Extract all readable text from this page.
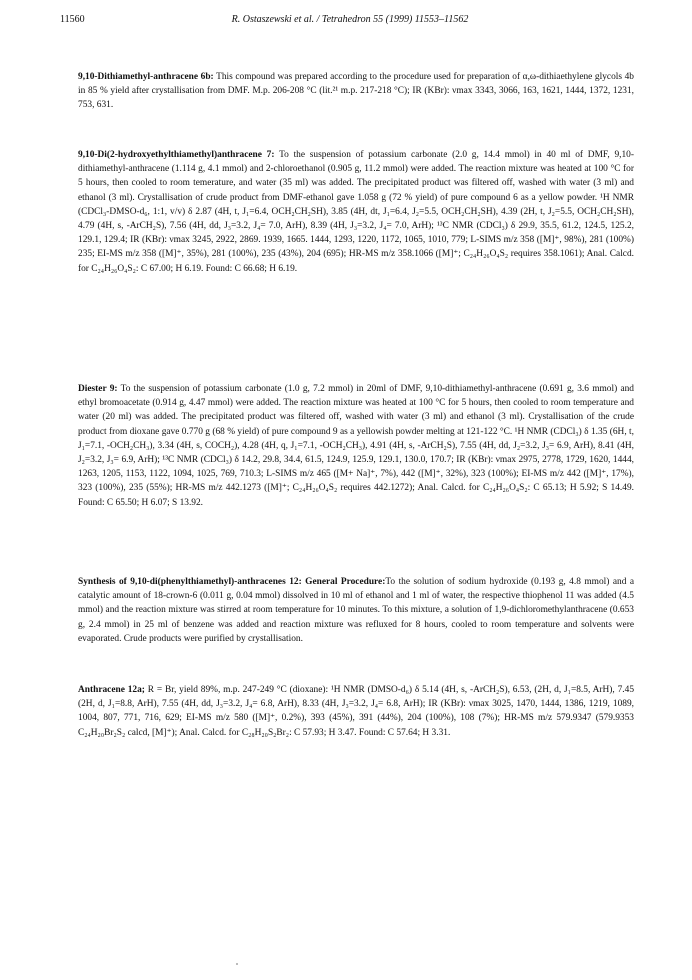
11560	R. Ostaszewski et al. / Tetrahedron 55 (1999) 11553–11562

9,10-Dithiamethyl-anthracene 6b: This compound was prepared according to the procedure used for preparation of α,ω-dithiaethylene glycols 4b in 85 % yield after crystallisation from DMF. M.p. 206-208 °C (lit.²¹ m.p. 217-218 °C); IR (KBr): νmax 3343, 3066, 163, 1621, 1444, 1372, 1231, 753, 631.

9,10-Di(2-hydroxyethylthiamethyl)anthracene 7: To the suspension of potassium carbonate (2.0 g, 14.4 mmol) in 40 ml of DMF, 9,10-dithiamethyl-anthracene (1.114 g, 4.1 mmol) and 2-chloroethanol (0.905 g, 11.2 mmol) were added. The reaction mixture was heated at 100 °C for 5 hours, then cooled to room temerature, and water (35 ml) was added. The precipitated product was filtered off, washed with water (3 ml) and ethanol (3 ml). Crystallisation of crude product from DMF-ethanol gave 1.058 g (72 % yield) of pure compound 6 as a yellow powder. ¹H NMR (CDCl₃-DMSO-d₆, 1:1, v/v) δ 2.87 (4H, t, J₁=6.4, OCH₂CH₂SH), 3.85 (4H, dt, J₁=6.4, J₂=5.5, OCH₂CH₂SH), 4.39 (2H, t, J₂=5.5, OCH₂CH₂SH), 4.79 (4H, s, -ArCH₂S), 7.56 (4H, dd, J₃=3.2, J₄= 7.0, ArH), 8.39 (4H, J₃=3.2, J₄= 7.0, ArH); ¹³C NMR (CDCl₃) δ 29.9, 35.5, 61.2, 124.5, 125.2, 129.1, 129.4; IR (KBr): νmax 3245, 2922, 2869. 1939, 1665. 1444, 1293, 1220, 1172, 1065, 1010, 779; L-SIMS m/z 358 ([M]⁺, 98%), 281 (100%) 235; EI-MS m/z 358 ([M]⁺, 35%), 281 (100%), 235 (43%), 204 (695); HR-MS m/z 358.1066 ([M]⁺; C₂₄H₂₆O₄S₂ requires 358.1061); Anal. Calcd. for C₂₄H₂₆O₄S₂: C 67.00; H 6.19. Found: C 66.68; H 6.19.

Diester 9: To the suspension of potassium carbonate (1.0 g, 7.2 mmol) in 20ml of DMF, 9,10-dithiamethyl-anthracene (0.691 g, 3.6 mmol) and ethyl bromoacetate (0.914 g, 4.47 mmol) were added. The reaction mixture was heated at 100 °C for 5 hours, then cooled to room temperature and water (20 ml) was added. The precipitated product was filtered off, washed with water (3 ml) and ethanol (3 ml). Crystallisation of the crude product from dioxane gave 0.770 g (68 % yield) of pure compound 9 as a yellowish powder melting at 121-122 °C. ¹H NMR (CDCl₃) δ 1.35 (6H, t, J₁=7.1, -OCH₂CH₃), 3.34 (4H, s, COCH₂), 4.28 (4H, q, J₁=7.1, -OCH₂CH₃), 4.91 (4H, s, -ArCH₂S), 7.55 (4H, dd, J₂=3.2, J₃= 6.9, ArH), 8.41 (4H, J₂=3.2, J₃= 6.9, ArH); ¹³C NMR (CDCl₃) δ 14.2, 29.8, 34.4, 61.5, 124.9, 125.9, 129.1, 130.0, 170.7; IR (KBr): νmax 2975, 2778, 1729, 1620, 1444, 1263, 1205, 1153, 1122, 1094, 1025, 769, 710.3; L-SIMS m/z 465 ([M+ Na]⁺, 7%), 442 ([M]⁺, 32%), 323 (100%); EI-MS m/z 442 ([M]⁺, 17%), 323 (100%), 235 (55%); HR-MS m/z 442.1273 ([M]⁺; C₂₄H₂₆O₄S₂ requires 442.1272); Anal. Calcd. for C₂₄H₂₆O₄S₂: C 65.13; H 5.92; S 14.49. Found: C 65.50; H 6.07; S 13.92.

Synthesis of 9,10-di(phenylthiamethyl)-anthracenes 12: General Procedure:To the solution of sodium hydroxide (0.193 g, 4.8 mmol) and a catalytic amount of 18-crown-6 (0.011 g, 0.04 mmol) dissolved in 10 ml of ethanol and 1 ml of water, the respective thiophenol 11 was added (4.5 mmol) and the reaction mixture was stirred at room temperature for 10 minutes. To this mixture, a solution of 1,9-dichloromethylanthracene (0.653 g, 2.4 mmol) in 25 ml of benzene was added and reaction mixture was refluxed for 8 hours, cooled to room temperature and solvents were evaporated. Crude products were purified by crystallisation.

Anthracene 12a; R = Br, yield 89%, m.p. 247-249 °C (dioxane): ¹H NMR (DMSO-d₆) δ 5.14 (4H, s, -ArCH₂S), 6.53, (2H, d, J₁=8.5, ArH), 7.45 (2H, d, J₁=8.8, ArH), 7.55 (4H, dd, J₃=3.2, J₄= 6.8, ArH), 8.33 (4H, J₃=3.2, J₄= 6.8, ArH); IR (KBr): νmax 3025, 1470, 1444, 1386, 1219, 1089, 1004, 807, 771, 716, 629; EI-MS m/z 580 ([M]⁺, 0.2%), 393 (45%), 391 (44%), 204 (100%), 108 (7%); HR-MS m/z 579.9347 (579.9353 C₂₄H₂₀Br₂S₂ calcd, [M]⁺); Anal. Calcd. for C₂₈H₂₀S₂Br₂: C 57.93; H 3.47. Found: C 57.64; H 3.31.
